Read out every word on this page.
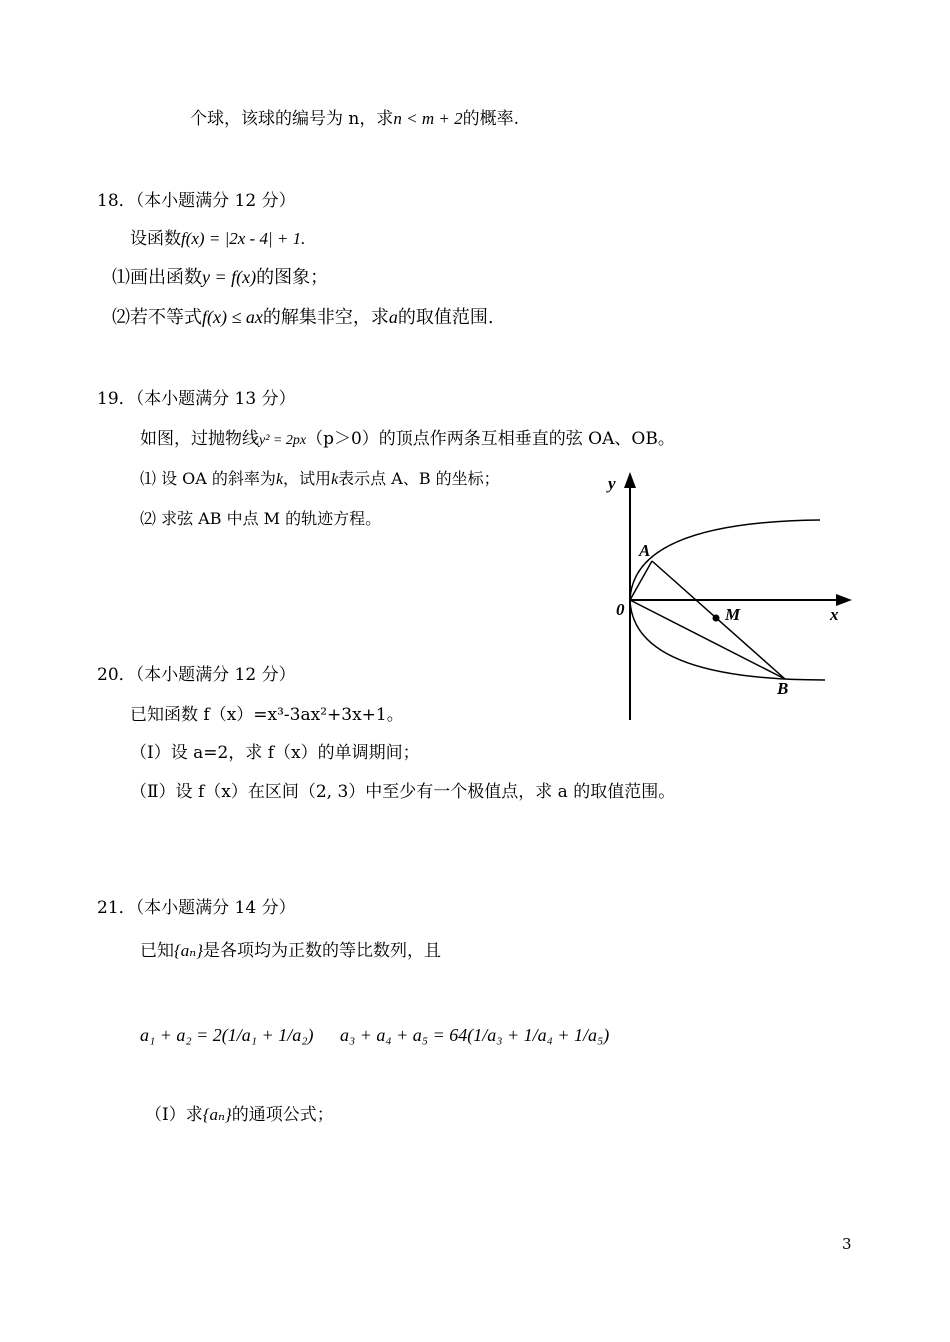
个球，该球的编号为 n，求n < m + 2的概率.
18．（本小题满分 12 分）
设函数f(x) = |2x - 4| + 1.
⑴画出函数y = f(x)的图象；
⑵若不等式f(x) ≤ ax的解集非空，求a的取值范围.
19．（本小题满分 13 分）
如图，过抛物线y² = 2px（p＞0）的顶点作两条互相垂直的弦 OA、OB。
⑴ 设 OA 的斜率为k，试用k表示点 A、B 的坐标；
⑵ 求弦 AB 中点 M 的轨迹方程。
y
x
0
A
B
M
20．（本小题满分 12 分）
已知函数 f（x）=x³-3ax²+3x+1。
（Ⅰ）设 a=2，求 f（x）的单调期间；
（Ⅱ）设 f（x）在区间（2, 3）中至少有一个极值点，求 a 的取值范围。
21．（本小题满分 14 分）
已知{aₙ}是各项均为正数的等比数列，且
a₁ + a₂ = 2(1/a₁ + 1/a₂) a₃ + a₄ + a₅ = 64(1/a₃ + 1/a₄ + 1/a₅)
（Ⅰ）求{aₙ}的通项公式；
3
